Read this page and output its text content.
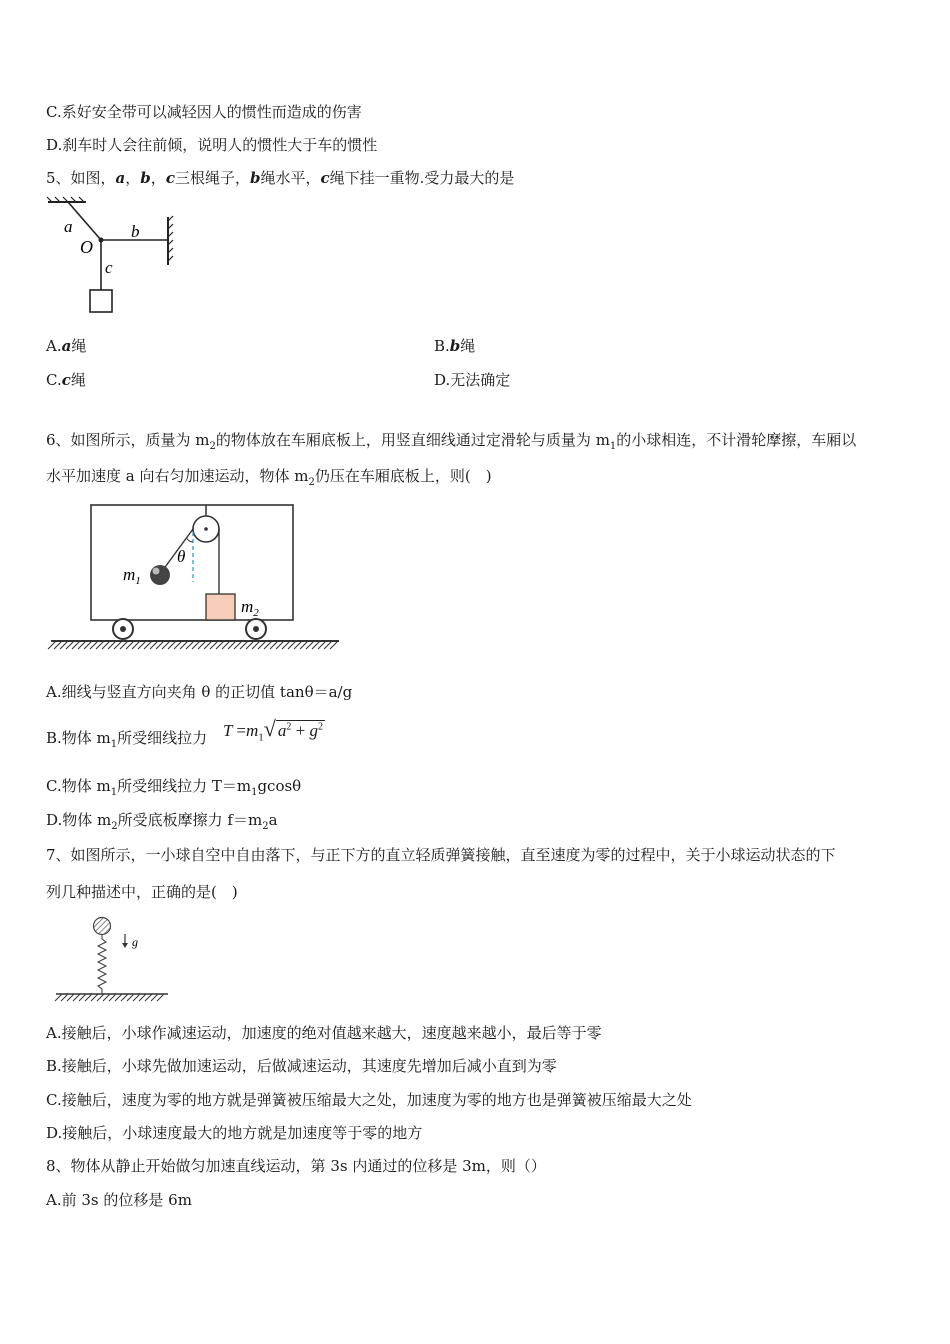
C.系好安全带可以减轻因人的惯性而造成的伤害
D.刹车时人会往前倾，说明人的惯性大于车的惯性
5、如图，a，b，c三根绳子，b绳水平，c绳下挂一重物.受力最大的是
a
O
b
c
A.a绳	B.b绳
C.c绳	D.无法确定
6、如图所示，质量为 $m_2$的物体放在车厢底板上，用竖直细线通过定滑轮与质量为 $m_1$的小球相连，不计滑轮摩擦，车厢以
水平加速度 a 向右匀加速运动，物体 $m_2$仍压在车厢底板上，则(　)
$m_1$
θ
$m_2$
A.细线与竖直方向夹角 θ 的正切值 tanθ＝a/g
B.物体 $m_1$所受细线拉力 $T =m_1√$ $a^2 + g^2$
C.物体 $m_1$所受细线拉力 $T=m_1gcos\theta$
D.物体 $m_2$所受底板摩擦力 $f=m_2a$
7、如图所示，一小球自空中自由落下，与正下方的直立轻质弹簧接触，直至速度为零的过程中，关于小球运动状态的下
列几种描述中，正确的是(　)
g
A.接触后，小球作减速运动，加速度的绝对值越来越大，速度越来越小，最后等于零
B.接触后，小球先做加速运动，后做减速运动，其速度先增加后减小直到为零
C.接触后，速度为零的地方就是弹簧被压缩最大之处，加速度为零的地方也是弹簧被压缩最大之处
D.接触后，小球速度最大的地方就是加速度等于零的地方
8、物体从静止开始做匀加速直线运动，第 3s 内通过的位移是 3m，则（）
A.前 3s 的位移是 6m
